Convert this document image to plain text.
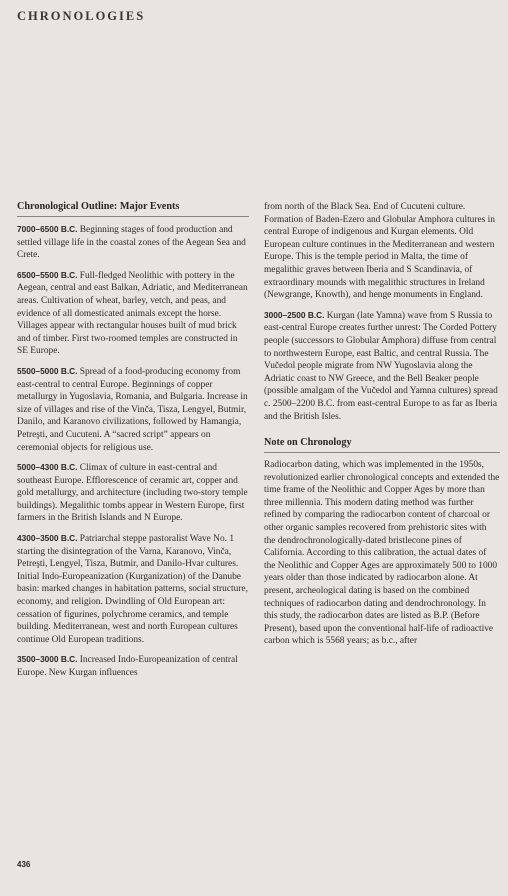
CHRONOLOGIES
Chronological Outline: Major Events

7000–6500 B.C. Beginning stages of food production and settled village life in the coastal zones of the Aegean Sea and Crete.

6500–5500 B.C. Full-fledged Neolithic with pottery in the Aegean, central and east Balkan, Adriatic, and Mediterranean areas. Cultivation of wheat, barley, vetch, and peas, and evidence of all domesticated animals except the horse. Villages appear with rectangular houses built of mud brick and of timber. First two-roomed temples are constructed in SE Europe.

5500–5000 B.C. Spread of a food-producing economy from east-central to central Europe. Beginnings of copper metallurgy in Yugoslavia, Romania, and Bulgaria. Increase in size of villages and rise of the Vinča, Tisza, Lengyel, Butmir, Danilo, and Karanovo civilizations, followed by Hamangia, Petreşti, and Cucuteni. A “sacred script” appears on ceremonial objects for religious use.

5000–4300 B.C. Climax of culture in east-central and southeast Europe. Efflorescence of ceramic art, copper and gold metallurgy, and architecture (including two-story temple buildings). Megalithic tombs appear in Western Europe, first farmers in the British Islands and N Europe.

4300–3500 B.C. Patriarchal steppe pastoralist Wave No. 1 starting the disintegration of the Varna, Karanovo, Vinča, Petreşti, Lengyel, Tisza, Butmir, and Danilo-Hvar cultures. Initial Indo-Europeanization (Kurganization) of the Danube basin: marked changes in habitation patterns, social structure, economy, and religion. Dwindling of Old European art: cessation of figurines, polychrome ceramics, and temple building. Mediterranean, west and north European cultures continue Old European traditions.

3500–3000 B.C. Increased Indo-Europeanization of central Europe. New Kurgan influences

from north of the Black Sea. End of Cucuteni culture. Formation of Baden-Ezero and Globular Amphora cultures in central Europe of indigenous and Kurgan elements. Old European culture continues in the Mediterranean and western Europe. This is the temple period in Malta, the time of megalithic graves between Iberia and S Scandinavia, of extraordinary mounds with megalithic structures in Ireland (Newgrange, Knowth), and henge monuments in England.

3000–2500 B.C. Kurgan (late Yamna) wave from S Russia to east-central Europe creates further unrest: The Corded Pottery people (successors to Globular Amphora) diffuse from central to northwestern Europe, east Baltic, and central Russia. The Vučedol people migrate from NW Yugoslavia along the Adriatic coast to NW Greece, and the Bell Beaker people (possible amalgam of the Vučedol and Yamna cultures) spread c. 2500–2200 B.C. from east-central Europe to as far as Iberia and the British Isles.

Note on Chronology

Radiocarbon dating, which was implemented in the 1950s, revolutionized earlier chronological concepts and extended the time frame of the Neolithic and Copper Ages by more than three millennia. This modern dating method was further refined by comparing the radiocarbon content of charcoal or other organic samples recovered from prehistoric sites with the dendrochronologically-dated bristlecone pines of California. According to this calibration, the actual dates of the Neolithic and Copper Ages are approximately 500 to 1000 years older than those indicated by radiocarbon alone. At present, archeological dating is based on the combined techniques of radiocarbon dating and dendrochronology. In this study, the radiocarbon dates are listed as B.P. (Before Present), based upon the conventional half-life of radioactive carbon which is 5568 years; as b.c., after

436
